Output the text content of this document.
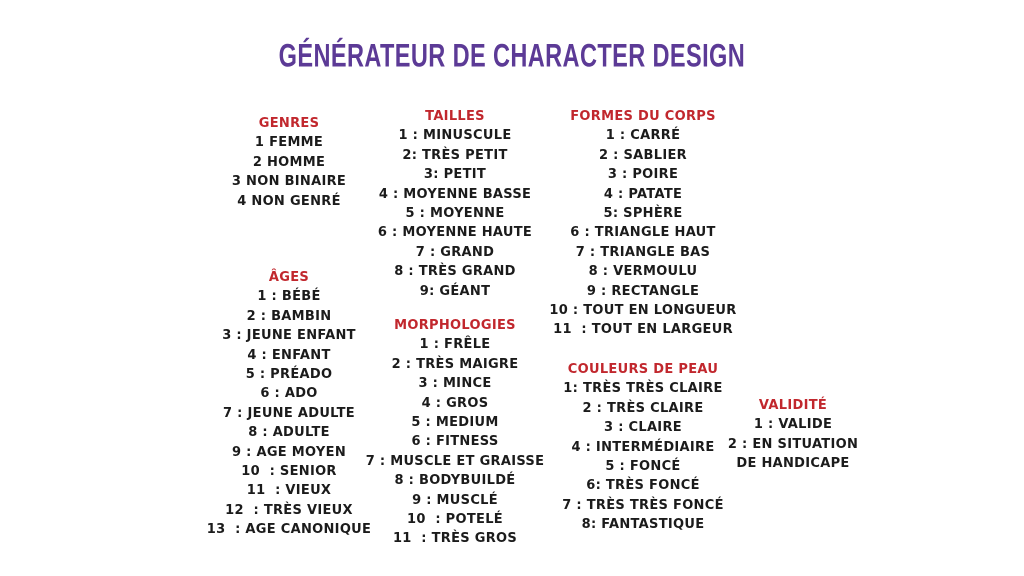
GÉNÉRATEUR DE CHARACTER DESIGN
GENRES
1 FEMME
2 HOMME
3 NON BINAIRE
4 NON GENRÉ
ÂGES
1 : BÉBÉ
2 : BAMBIN
3 : JEUNE ENFANT
4 : ENFANT
5 : PRÉADO
6 : ADO
7 : JEUNE ADULTE
8 : ADULTE
9 : AGE MOYEN
10  : SENIOR
11  : VIEUX
12  : TRÈS VIEUX
13  : AGE CANONIQUE
TAILLES
1 : MINUSCULE
2: TRÈS PETIT
3: PETIT
4 : MOYENNE BASSE
5 : MOYENNE
6 : MOYENNE HAUTE
7 : GRAND
8 : TRÈS GRAND
9: GÉANT
MORPHOLOGIES
1 : FRÊLE
2 : TRÈS MAIGRE
3 : MINCE
4 : GROS
5 : MEDIUM
6 : FITNESS
7 : MUSCLE ET GRAISSE
8 : BODYBUILDÉ
9 : MUSCLÉ
10  : POTELÉ
11  : TRÈS GROS
FORMES DU CORPS
1 : CARRÉ
2 : SABLIER
3 : POIRE
4 : PATATE
5: SPHÈRE
6 : TRIANGLE HAUT
7 : TRIANGLE BAS
8 : VERMOULU
9 : RECTANGLE
10 : TOUT EN LONGUEUR
11  : TOUT EN LARGEUR
COULEURS DE PEAU
1: TRÈS TRÈS CLAIRE
2 : TRÈS CLAIRE
3 : CLAIRE
4 : INTERMÉDIAIRE
5 : FONCÉ
6: TRÈS FONCÉ
7 : TRÈS TRÈS FONCÉ
8: FANTASTIQUE
VALIDITÉ
1 : VALIDE
2 : EN SITUATION
DE HANDICAPE
